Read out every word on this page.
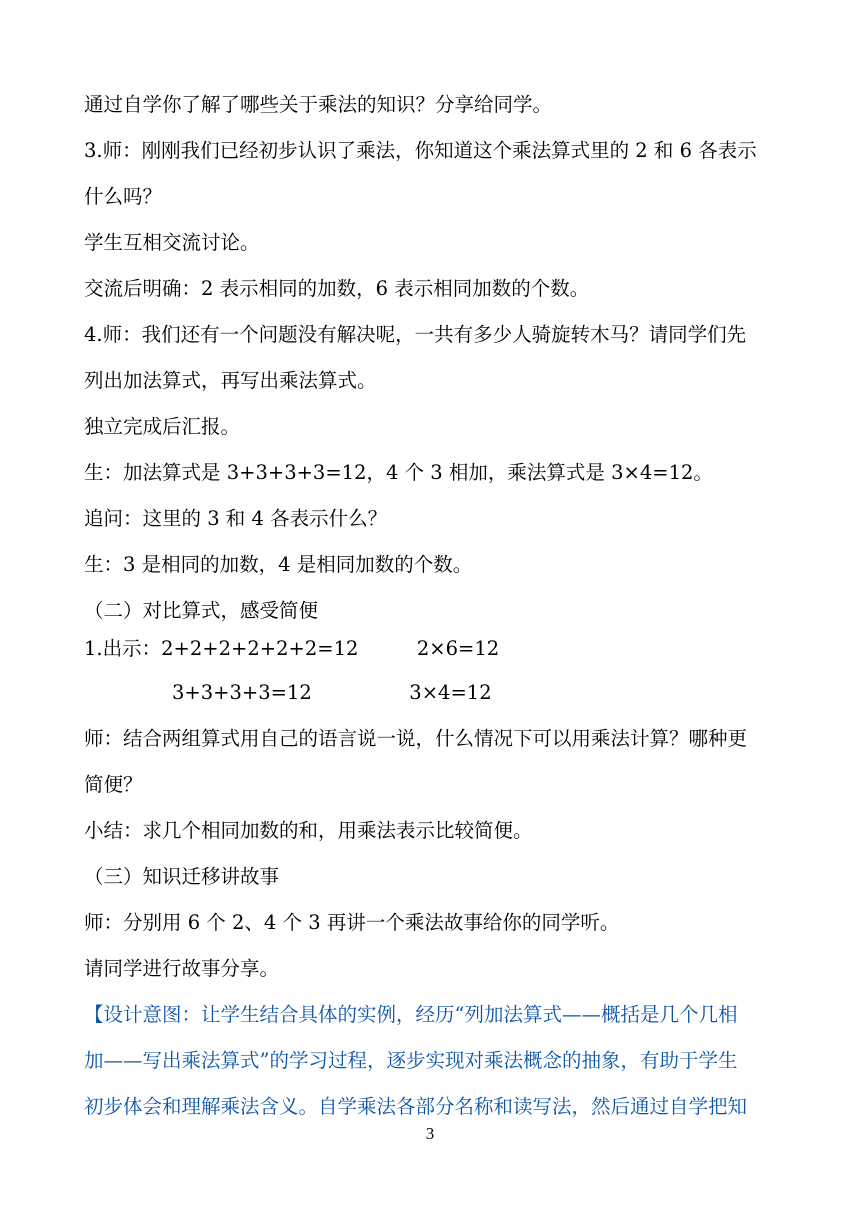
通过自学你了解了哪些关于乘法的知识？分享给同学。
3.师：刚刚我们已经初步认识了乘法，你知道这个乘法算式里的 2 和 6 各表示
什么吗？
学生互相交流讨论。
交流后明确：2 表示相同的加数，6 表示相同加数的个数。
4.师：我们还有一个问题没有解决呢，一共有多少人骑旋转木马？请同学们先
列出加法算式，再写出乘法算式。
独立完成后汇报。
生：加法算式是 3+3+3+3=12，4 个 3 相加，乘法算式是 3×4=12。
追问：这里的 3 和 4 各表示什么？
生：3 是相同的加数，4 是相同加数的个数。
（二）对比算式，感受简便
1.出示：2+2+2+2+2+2=12　　　2×6=12
3+3+3+3=12　　　　　3×4=12
师：结合两组算式用自己的语言说一说，什么情况下可以用乘法计算？哪种更
简便？
小结：求几个相同加数的和，用乘法表示比较简便。
（三）知识迁移讲故事
师：分别用 6 个 2、4 个 3 再讲一个乘法故事给你的同学听。
请同学进行故事分享。
【设计意图：让学生结合具体的实例，经历“列加法算式——概括是几个几相
加——写出乘法算式”的学习过程，逐步实现对乘法概念的抽象，有助于学生
初步体会和理解乘法含义。自学乘法各部分名称和读写法，然后通过自学把知
3
